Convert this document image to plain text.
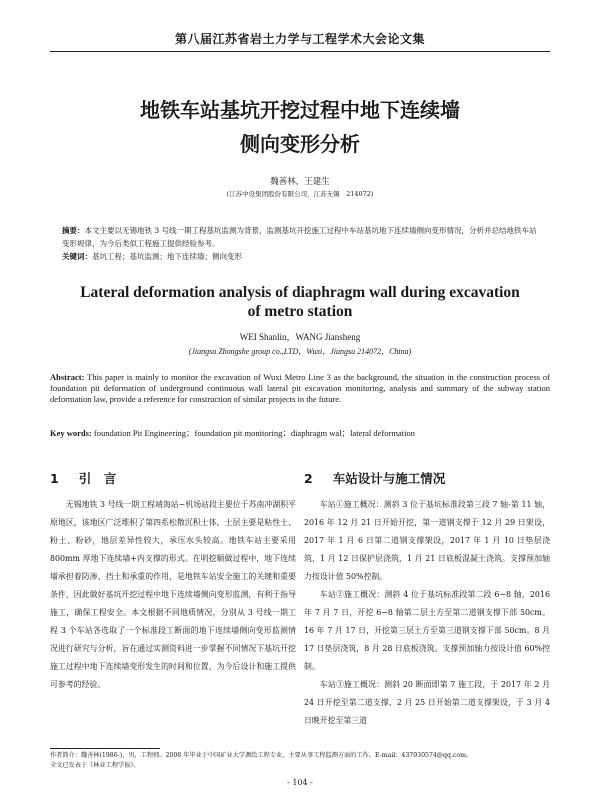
第八届江苏省岩土力学与工程学术大会论文集
地铁车站基坑开挖过程中地下连续墙
侧向变形分析
魏善林，王建生
(江苏中设集团股份有限公司，江苏无锡　214072)
摘要：本文主要以无锡地铁 3 号线一期工程基坑监测为背景，监测基坑开挖施工过程中车站基坑地下连续墙侧向变形情况，分析并总结地铁车站变形规律，为今后类似工程施工提供经验参考。
关键词：基坑工程；基坑监测；地下连续墙；侧向变形
Lateral deformation analysis of diaphragm wall during excavation
of metro station
WEI Shanlin，WANG Jiansheng
(Jiangsu Zhongshe group co.,LTD，Wuxi，Jiangsu 214072，China)
Abstract: This paper is mainly to monitor the excavation of Wuxi Metro Line 3 as the background, the situation in the construction process of foundation pit deformation of underground continuous wall lateral pit excavation monitoring, analysis and summary of the subway station deformation law, provide a reference for construction of similar projects in the future.
Key words: foundation Pit Engineering；foundation pit monitoring；diaphragm wal；lateral deformation
1 引　言	2 车站设计与施工情况

无锡地铁 3 号线一期工程靖海站~机场站段主要位于苏南冲湖积平原地区，该地区广泛堆积了第四系松散沉积土体，土层主要是粘性土、粉土、粉砂，地层差异性较大，承压水头较高。地铁车站主要采用 800mm 厚地下连续墙+内支撑的形式。在明挖顺做过程中，地下连续墙承担着防渗、挡土和承重的作用，是地铁车站安全施工的关键和重要条件，因此做好基坑开挖过程中地下连续墙侧向变形监测，有利于指导施工，确保工程安全。本文根据不同地质情况，分别从 3 号线一期工程 3 个车站各选取了一个标准段工断面的地下连续墙侧向变形监测情况进行研究与分析，旨在通过实测资料进一步掌握不同情况下基坑开挖施工过程中地下连续墙变形发生的时间和位置，为今后设计和施工提供可参考的经验。

车站①施工概况：测斜 3 位于基坑标准段第三段 7 轴-第 11 轴，2016 年 12 月 21 日开始开挖，第一道钢支撑于 12 月 29 日架设，2017 年 1 月 6 日第二道钢支撑架设，2017 年 1 月 10 日垫层浇筑，1 月 12 日保护层浇筑，1 月 21 日底板混凝土浇筑。支撑预加轴力按设计值 50%控制。

车站②施工概况：测斜 4 位于基坑标准段第二段 6~8 轴，2016 年 7 月 7 日，开挖 6~8 轴第二层土方至第二道钢支撑下部 50cm。16 年 7 月 17 日，开挖第三层土方至第三道钢支撑下部 50cm。8 月 17 日垫层浇筑，8 月 28 日底板浇筑。支撑预加轴力按设计值 60%控制。

车站③施工概况：测斜 20 断面即第 7 施工段，于 2017 年 2 月 24 日开挖至第二道支撑，2 月 25 日开始第二道支撑架设，于 3 月 4 日晚开挖至第三道

作者简介：魏善林(1986-)，男，工程师。2008 年毕业于中国矿业大学测绘工程专业，主要从事工程监测方面的工作。E-mail：437930574@qq.com。
全文已发表于《林业工程学报》。
- 104 -
